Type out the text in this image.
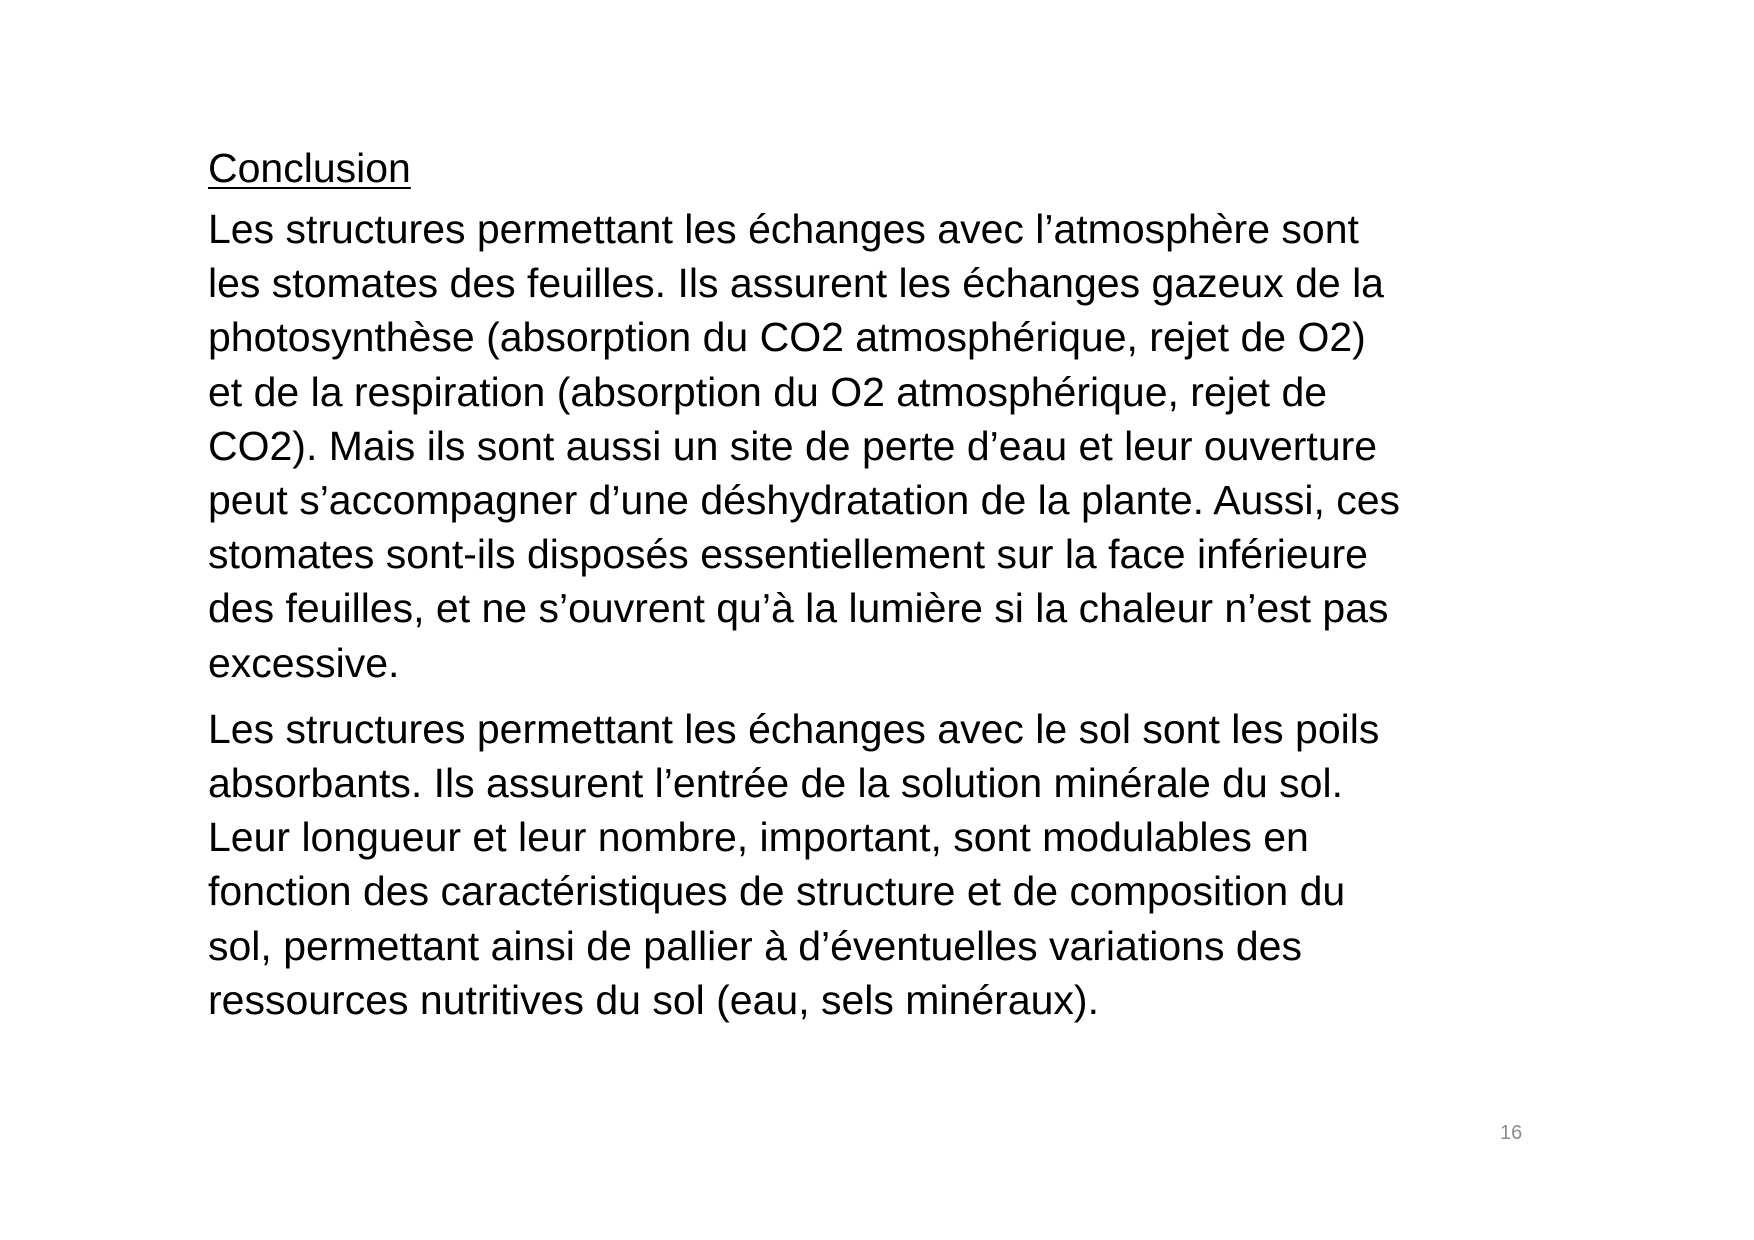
Conclusion

Les structures permettant les échanges avec l’atmosphère sont
les stomates des feuilles. Ils assurent les échanges gazeux de la
photosynthèse (absorption du CO2 atmosphérique, rejet de O2)
et de la respiration (absorption du O2 atmosphérique, rejet de
CO2). Mais ils sont aussi un site de perte d’eau et leur ouverture
peut s’accompagner d’une déshydratation de la plante. Aussi, ces
stomates sont-ils disposés essentiellement sur la face inférieure
des feuilles, et ne s’ouvrent qu’à la lumière si la chaleur n’est pas
excessive.

Les structures permettant les échanges avec le sol sont les poils
absorbants. Ils assurent l’entrée de la solution minérale du sol.
Leur longueur et leur nombre, important, sont modulables en
fonction des caractéristiques de structure et de composition du
sol, permettant ainsi de pallier à d’éventuelles variations des
ressources nutritives du sol (eau, sels minéraux).

16
